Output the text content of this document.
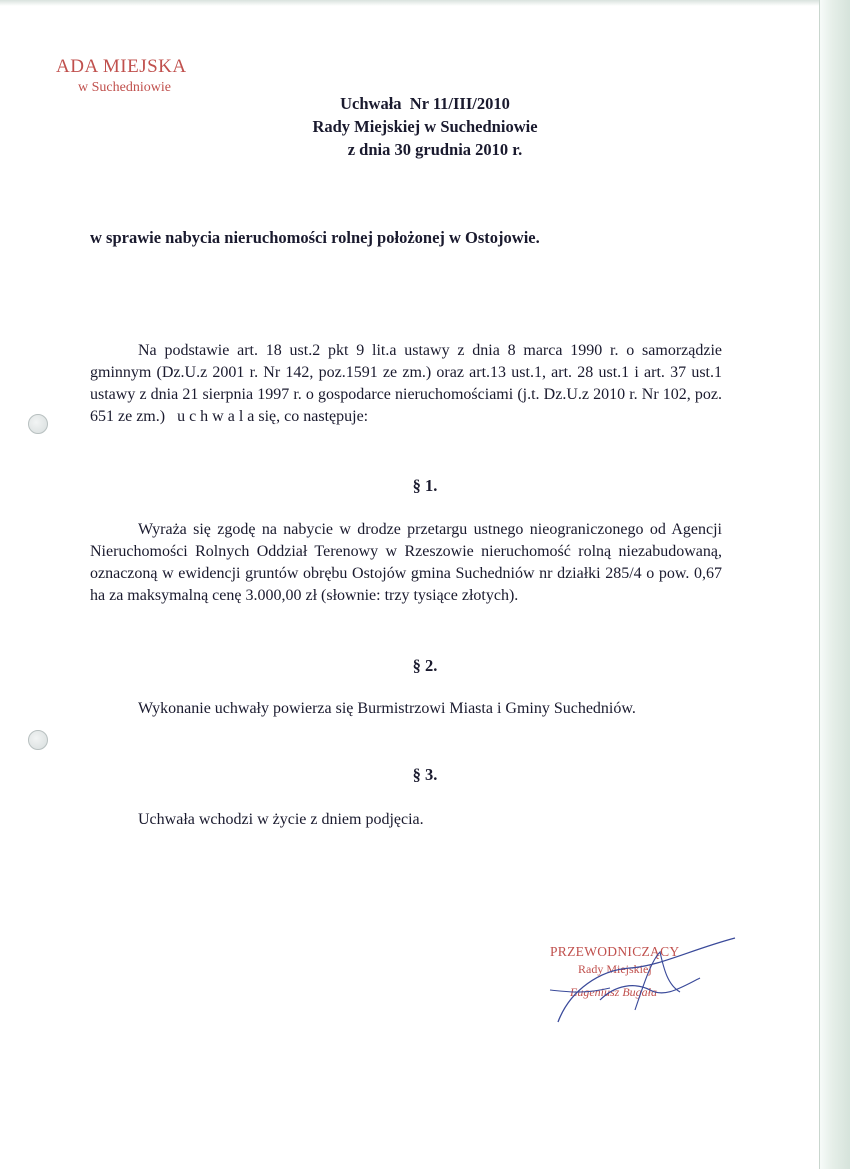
ADA MIEJSKA
w Suchedniowie
Uchwała  Nr 11/III/2010
Rady Miejskiej w Suchedniowie
z dnia 30 grudnia 2010 r.
w sprawie nabycia nieruchomości rolnej położonej w Ostojowie.
Na podstawie art. 18 ust.2 pkt 9 lit.a ustawy z dnia 8 marca 1990 r. o samorządzie gminnym (Dz.U.z 2001 r. Nr 142, poz.1591 ze zm.) oraz art.13 ust.1, art. 28 ust.1 i art. 37 ust.1 ustawy z dnia 21 sierpnia 1997 r. o gospodarce nieruchomościami (j.t. Dz.U.z 2010 r. Nr 102, poz. 651 ze zm.)   u c h w a l a się, co następuje:
§ 1.
Wyraża się zgodę na nabycie w drodze przetargu ustnego nieograniczonego od Agencji Nieruchomości Rolnych Oddział Terenowy w Rzeszowie nieruchomość rolną niezabudowaną, oznaczoną w ewidencji gruntów obrębu Ostojów gmina Suchedniów nr działki 285/4 o pow. 0,67 ha za maksymalną cenę 3.000,00 zł (słownie: trzy tysiące złotych).
§ 2.
Wykonanie uchwały powierza się Burmistrzowi Miasta i Gminy Suchedniów.
§ 3.
Uchwała wchodzi w życie z dniem podjęcia.
PRZEWODNICZĄCY
Rady Miejskiej
Eugeniusz Bugała
